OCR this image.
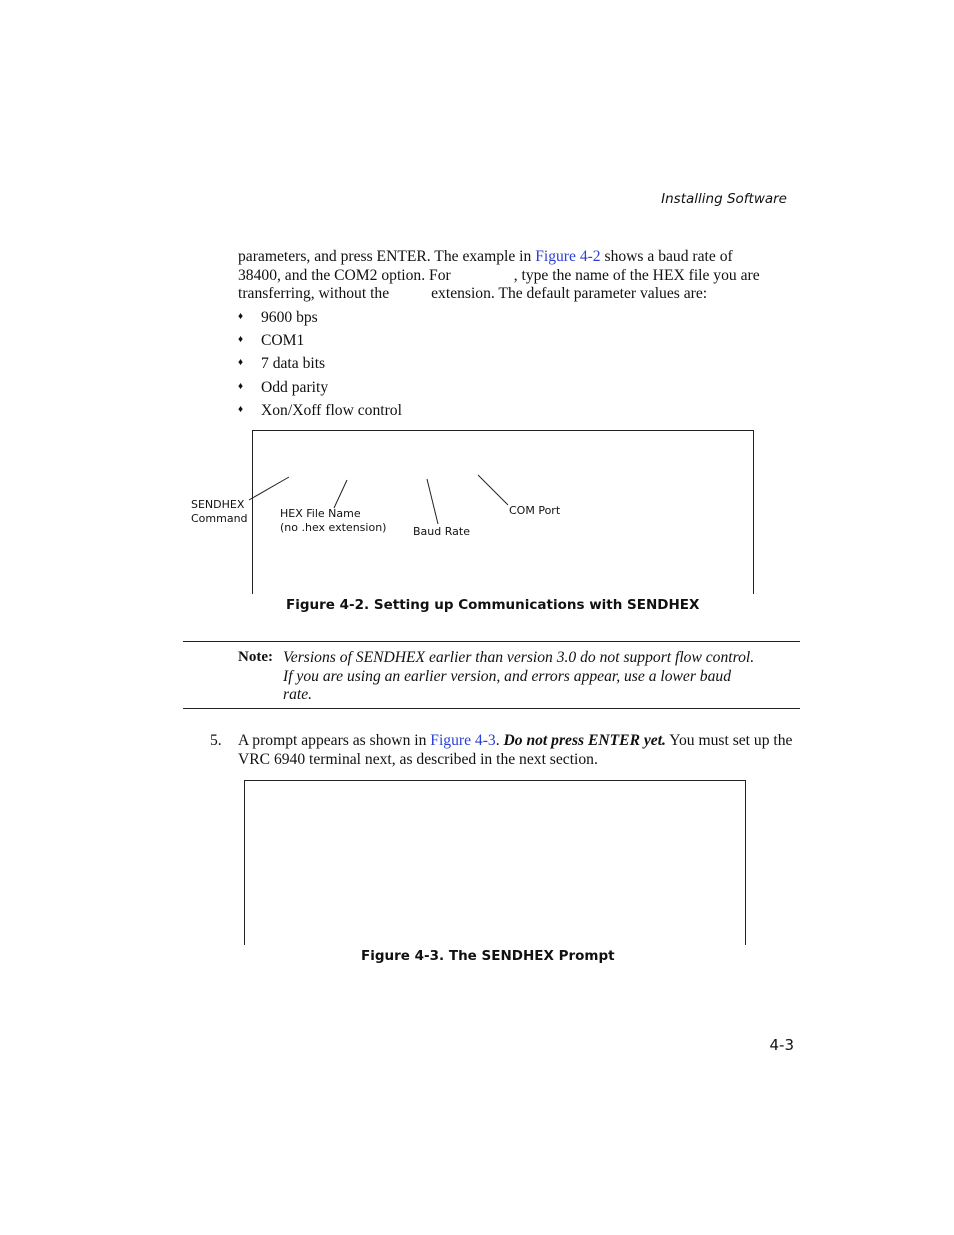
Installing Software
parameters, and press ENTER. The example in Figure 4-2 shows a baud rate of
38400, and the COM2 option. For	, type the name of the HEX file you are
transferring, without the	extension. The default parameter values are:
♦ 9600 bps
♦ COM1
♦ 7 data bits
♦ Odd parity
♦ Xon/Xoff flow control
SENDHEX
Command	HEX File Name
(no .hex extension) Baud Rate
COM Port
Figure 4-2. Setting up Communications with SENDHEX
Note: Versions of SENDHEX earlier than version 3.0 do not support flow control. If you are using an earlier version, and errors appear, use a lower baud rate.
5. A prompt appears as shown in Figure 4-3. Do not press ENTER yet. You must set up the VRC 6940 terminal next, as described in the next section.
Figure 4-3. The SENDHEX Prompt
4-3
